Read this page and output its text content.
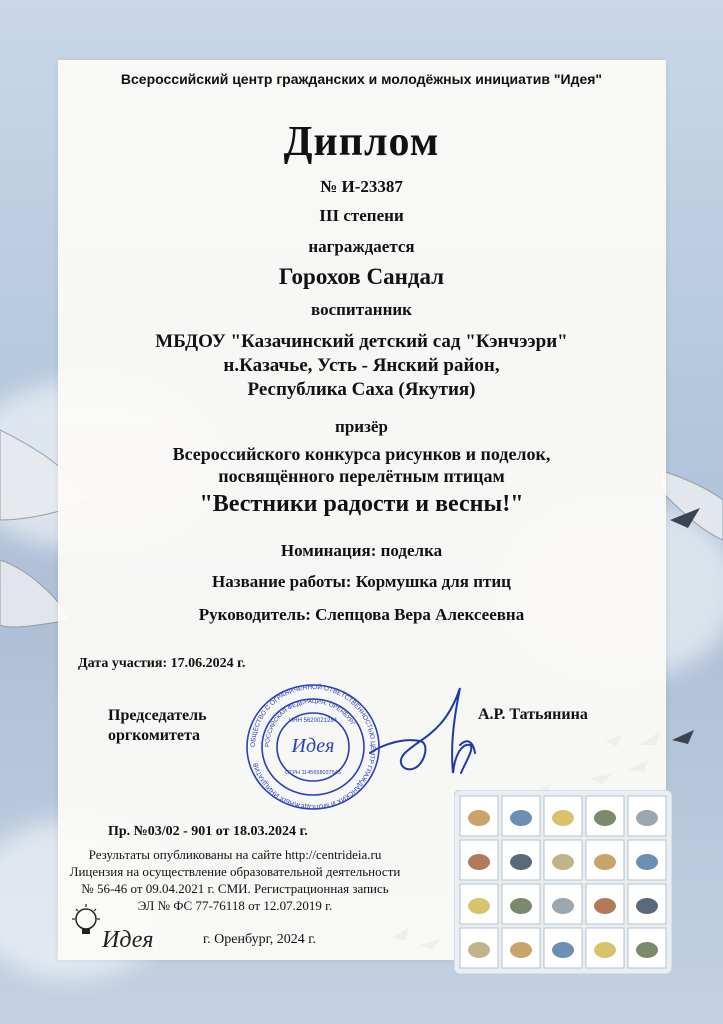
Всероссийский центр гражданских и молодёжных инициатив "Идея"
Диплом
№ И-23387
III степени
награждается
Горохов Сандал
воспитанник
МБДОУ "Казачинский детский сад "Кэнчээри"
н.Казачье, Усть - Янский район,
Республика Саха (Якутия)
призёр
Всероссийского конкурса рисунков и поделок,
посвящённого перелётным птицам
"Вестники радости и весны!"
Номинация: поделка
Название работы: Кормушка для птиц
Руководитель: Слепцова Вера Алексеевна
Дата участия: 17.06.2024 г.
Председатель
оргкомитета
А.Р. Татьянина
ОБЩЕСТВО С ОГРАНИЧЕННОЙ ОТВЕТСТВЕННОСТЬЮ ЦЕНТР ГРАЖДАНСКИХ И МОЛОДЁЖНЫХ ИНИЦИАТИВ
РОССИЙСКАЯ ФЕДЕРАЦИЯ, ОРЕНБУРГ
ИНН 5620021284
Идея
ОГРН 1145658037545
Пр. №03/02 - 901 от 18.03.2024 г.
Результаты опубликованы на сайте http://centrideia.ru
Лицензия на осуществление образовательной деятельности
№ 56-46 от 09.04.2021 г. СМИ. Регистрационная запись
ЭЛ № ФС 77-76118 от 12.07.2019 г.
г. Оренбург, 2024 г.
Идея
